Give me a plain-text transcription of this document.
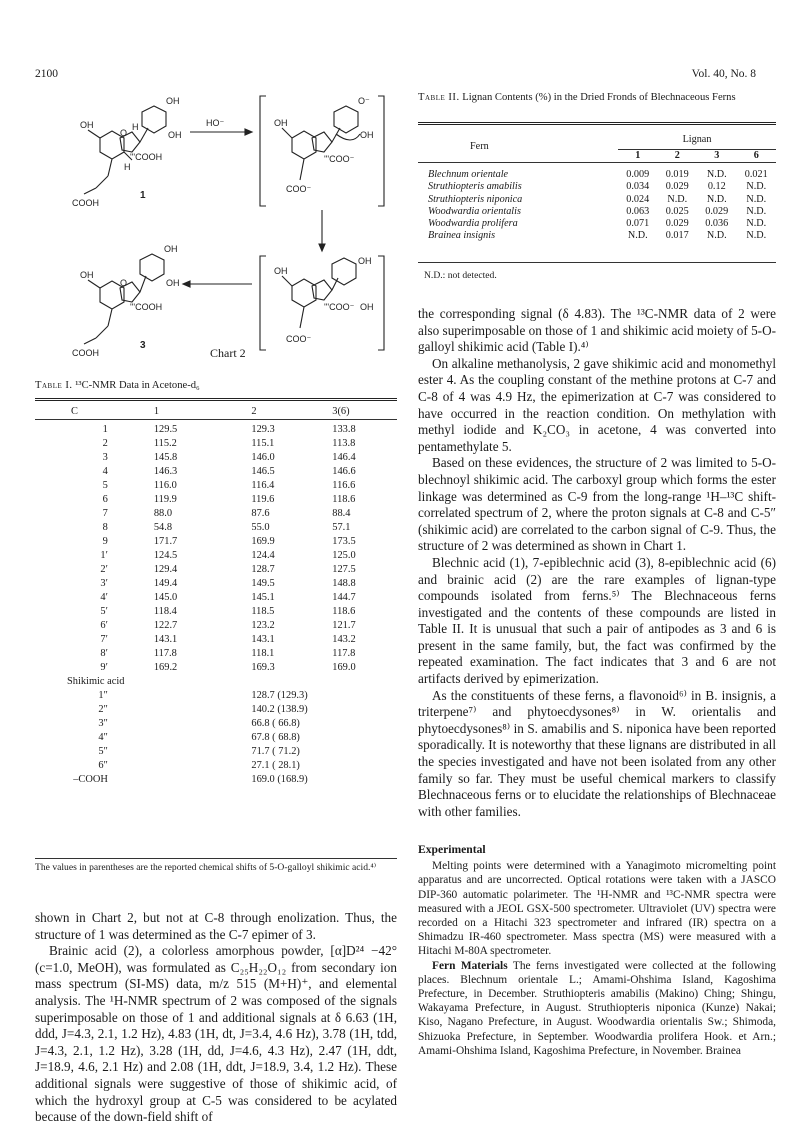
2100	Vol. 40, No. 8
OH
OH
OH
O
H
'''COOH
H
COOH
1
HO⁻
O⁻
OH
OH
'''COO⁻
COO⁻
OH
OH
OH
'''COO⁻
COO⁻
OH
OH
OH
O
'''COOH
COOH
3
Chart 2
Table I. ¹³C-NMR Data in Acetone-d₆

C	1	2	3(6)

1	129.5	129.3	133.8
2	115.2	115.1	113.8
3	145.8	146.0	146.4
4	146.3	146.5	146.6
5	116.0	116.4	116.6
6	119.9	119.6	118.6
7	88.0	87.6	88.4
8	54.8	55.0	57.1
9	171.7	169.9	173.5
1′	124.5	124.4	125.0
2′	129.4	128.7	127.5
3′	149.4	149.5	148.8
4′	145.0	145.1	144.7
5′	118.4	118.5	118.6
6′	122.7	123.2	121.7
7′	143.1	143.1	143.2
8′	117.8	118.1	117.8
9′	169.2	169.3	169.0
Shikimic acid			
1″		128.7 (129.3)	
2″		140.2 (138.9)	
3″		66.8 ( 66.8)	
4″		67.8 ( 68.8)	
5″		71.7 ( 71.2)	
6″		27.1 ( 28.1)	
–COOH		169.0 (168.9)	
The values in parentheses are the reported chemical shifts of 5-O-galloyl shikimic acid.⁴⁾

shown in Chart 2, but not at C-8 through enolization. Thus, the structure of 1 was determined as the C-7 epimer of 3.

Brainic acid (2), a colorless amorphous powder, [α]D²⁴ −42° (c=1.0, MeOH), was formulated as C₂₅H₂₂O₁₂ from secondary ion mass spectrum (SI-MS) data, m/z 515 (M+H)⁺, and elemental analysis. The ¹H-NMR spectrum of 2 was composed of the signals superimposable on those of 1 and additional signals at δ 6.63 (1H, ddd, J=4.3, 2.1, 1.2 Hz), 4.83 (1H, dt, J=3.4, 4.6 Hz), 3.78 (1H, tdd, J=4.3, 2.1, 1.2 Hz), 3.28 (1H, dd, J=4.6, 4.3 Hz), 2.47 (1H, ddt, J=18.9, 4.6, 2.1 Hz) and 2.08 (1H, ddt, J=18.9, 3.4, 1.2 Hz). These additional signals were suggestive of those of shikimic acid, of which the hydroxyl group at C-5 was considered to be acylated because of the down-field shift of

Table II. Lignan Contents (%) in the Dried Fronds of Blechnaceous Ferns

Fern	Lignan			
	1	2	3	6

Blechnum orientale	0.009	0.019	N.D.	0.021
Struthiopteris amabilis	0.034	0.029	0.12	N.D.
Struthiopteris niponica	0.024	N.D.	N.D.	N.D.
Woodwardia orientalis	0.063	0.025	0.029	N.D.
Woodwardia prolifera	0.071	0.029	0.036	N.D.
Brainea insignis	N.D.	0.017	N.D.	N.D.
N.D.: not detected.

the corresponding signal (δ 4.83). The ¹³C-NMR data of 2 were also superimposable on those of 1 and shikimic acid moiety of 5-O-galloyl shikimic acid (Table I).⁴⁾

On alkaline methanolysis, 2 gave shikimic acid and monomethyl ester 4. As the coupling constant of the methine protons at C-7 and C-8 of 4 was 4.9 Hz, the epimerization at C-7 was considered to have occurred in the reaction condition. On methylation with methyl iodide and K₂CO₃ in acetone, 4 was converted into pentamethylate 5.

Based on these evidences, the structure of 2 was limited to 5-O-blechnoyl shikimic acid. The carboxyl group which forms the ester linkage was determined as C-9 from the long-range ¹H–¹³C shift-correlated spectrum of 2, where the proton signals at C-8 and C-5″ (shikimic acid) are correlated to the carbon signal of C-9. Thus, the structure of 2 was determined as shown in Chart 1.

Blechnic acid (1), 7-epiblechnic acid (3), 8-epiblechnic acid (6) and brainic acid (2) are the rare examples of lignan-type compounds isolated from ferns.⁵⁾ The Blechnaceous ferns investigated and the contents of these compounds are listed in Table II. It is unusual that such a pair of antipodes as 3 and 6 is present in the same family, but, the fact was confirmed by the repeated examination. The fact indicates that 3 and 6 are not artifacts derived by epimerization.

As the constituents of these ferns, a flavonoid⁶⁾ in B. insignis, a triterpene⁷⁾ and phytoecdysones⁸⁾ in W. orientalis and phytoecdysones⁸⁾ in S. amabilis and S. niponica have been reported sporadically. It is noteworthy that these lignans are distributed in all the species investigated and have not been isolated from any other family so far. They must be useful chemical markers to classify Blechnaceous ferns or to elucidate the relationships of Blechnaceae with other families.

Experimental

Melting points were determined with a Yanagimoto micromelting point apparatus and are uncorrected. Optical rotations were taken with a JASCO DIP-360 automatic polarimeter. The ¹H-NMR and ¹³C-NMR spectra were measured with a JEOL GSX-500 spectrometer. Ultraviolet (UV) spectra were recorded on a Hitachi 323 spectrometer and infrared (IR) spectra on a Shimadzu IR-460 spectrometer. Mass spectra (MS) were measured with a Hitachi M-80A spectrometer.

Fern Materials The ferns investigated were collected at the following places. Blechnum orientale L.; Amami-Ohshima Island, Kagoshima Prefecture, in December. Struthiopteris amabilis (Makino) Ching; Shingu, Wakayama Prefecture, in August. Struthiopteris niponica (Kunze) Nakai; Kiso, Nagano Prefecture, in August. Woodwardia orientalis Sw.; Shimoda, Shizuoka Prefecture, in September. Woodwardia prolifera Hook. et Arn.; Amami-Ohshima Island, Kagoshima Prefecture, in November. Brainea
